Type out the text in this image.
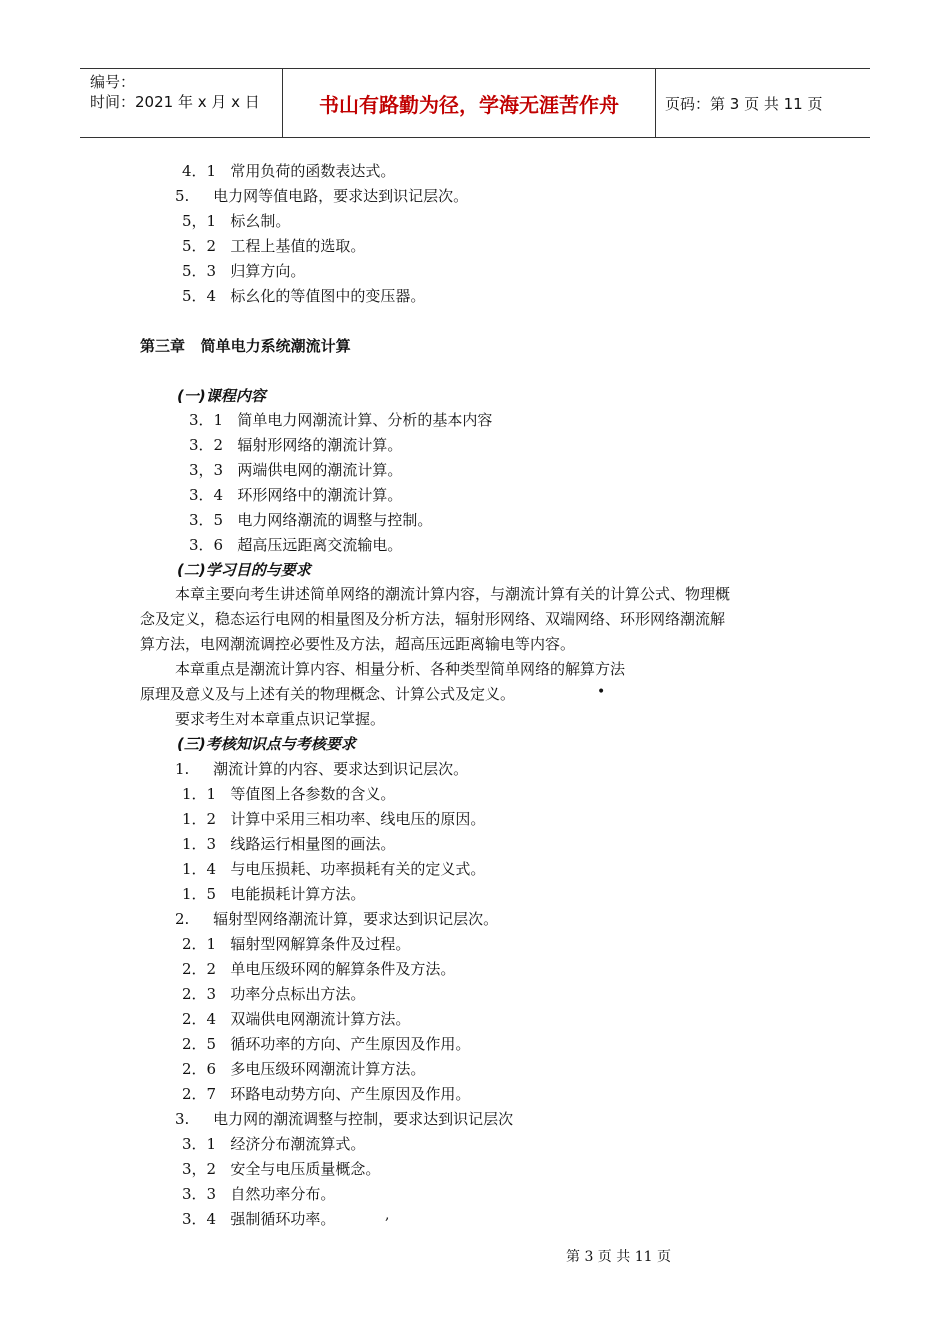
编号：
时间：2021 年 x 月 x 日	书山有路勤为径，学海无涯苦作舟	页码：第 3 页 共 11 页
4．1   常用负荷的函数表达式。
5.     电力网等值电路，要求达到识记层次。
5，1   标幺制。
5．2   工程上基值的选取。
5．3   归算方向。
5．4   标幺化的等值图中的变压器。
第三章   简单电力系统潮流计算
(一)课程内容
3．1   简单电力网潮流计算、分析的基本内容
3．2   辐射形网络的潮流计算。
3，3   两端供电网的潮流计算。
3．4   环形网络中的潮流计算。
3．5   电力网络潮流的调整与控制。
3．6   超高压远距离交流输电。
(二)学习目的与要求
本章主要向考生讲述简单网络的潮流计算内容，与潮流计算有关的计算公式、物理概
念及定义，稳态运行电网的相量图及分析方法，辐射形网络、双端网络、环形网络潮流解
算方法，电网潮流调控必要性及方法，超高压远距离输电等内容。
本章重点是潮流计算内容、相量分析、各种类型简单网络的解算方法
原理及意义及与上述有关的物理概念、计算公式及定义。	•
要求考生对本章重点识记掌握。
(三)考核知识点与考核要求
1.     潮流计算的内容、要求达到识记层次。
1．1   等值图上各参数的含义。
1．2   计算中采用三相功率、线电压的原因。
1．3   线路运行相量图的画法。
1．4   与电压损耗、功率损耗有关的定义式。
1．5   电能损耗计算方法。
2.     辐射型网络潮流计算，要求达到识记层次。
2．1   辐射型网解算条件及过程。
2．2   单电压级环网的解算条件及方法。
2．3   功率分点标出方法。
2．4   双端供电网潮流计算方法。
2．5   循环功率的方向、产生原因及作用。
2．6   多电压级环网潮流计算方法。
2．7   环路电动势方向、产生原因及作用。
3.     电力网的潮流调整与控制，要求达到识记层次
3．1   经济分布潮流算式。
3，2   安全与电压质量概念。
3．3   自然功率分布。
3．4   强制循环功率。	,
第 3 页 共 11 页
